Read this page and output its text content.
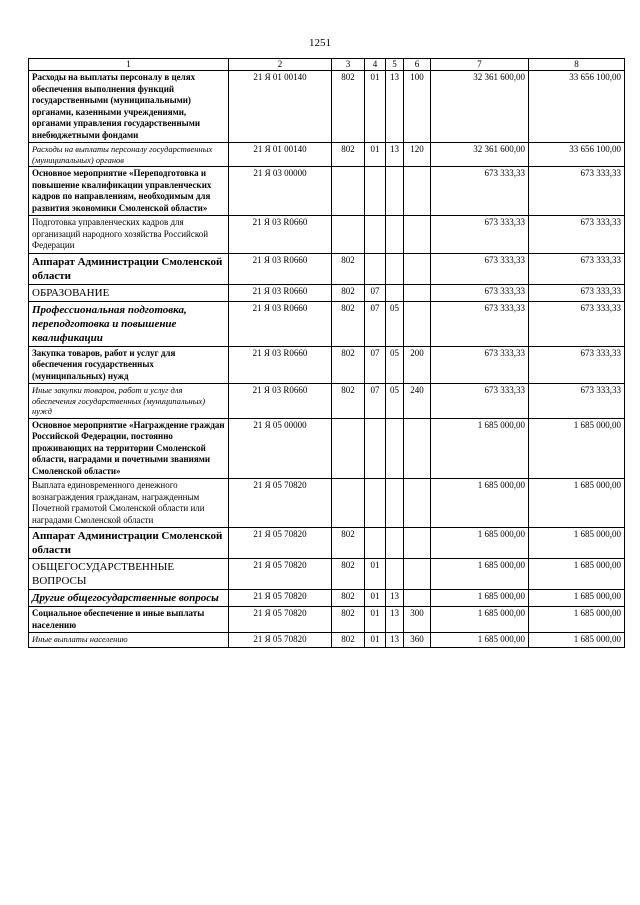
1251
1	2	3	4	5	6	7	8
Расходы на выплаты персоналу в целях обеспечения выполнения функций государственными (муниципальными) органами, казенными учреждениями, органами управления государственными внебюджетными фондами	21 Я 01 00140	802	01	13	100	32 361 600,00	33 656 100,00
Расходы на выплаты персоналу государственных (муниципальных) органов	21 Я 01 00140	802	01	13	120	32 361 600,00	33 656 100,00
Основное мероприятие «Переподготовка и повышение квалификации управленческих кадров по направлениям, необходимым для развития экономики Смоленской области»	21 Я 03 00000					673 333,33	673 333,33
Подготовка управленческих кадров для организаций народного хозяйства Российской Федерации	21 Я 03 R0660					673 333,33	673 333,33
Аппарат Администрации Смоленской области	21 Я 03 R0660	802				673 333,33	673 333,33
ОБРАЗОВАНИЕ	21 Я 03 R0660	802	07			673 333,33	673 333,33
Профессиональная подготовка, переподготовка и повышение квалификации	21 Я 03 R0660	802	07	05		673 333,33	673 333,33
Закупка товаров, работ и услуг для обеспечения государственных (муниципальных) нужд	21 Я 03 R0660	802	07	05	200	673 333,33	673 333,33
Иные закупки товаров, работ и услуг для обеспечения государственных (муниципальных) нужд	21 Я 03 R0660	802	07	05	240	673 333,33	673 333,33
Основное мероприятие «Награждение граждан Российской Федерации, постоянно проживающих на территории Смоленской области, наградами и почетными званиями Смоленской области»	21 Я 05 00000					1 685 000,00	1 685 000,00
Выплата единовременного денежного вознаграждения гражданам, награжденным Почетной грамотой Смоленской области или наградами Смоленской области	21 Я 05 70820					1 685 000,00	1 685 000,00
Аппарат Администрации Смоленской области	21 Я 05 70820	802				1 685 000,00	1 685 000,00
ОБЩЕГОСУДАРСТВЕННЫЕ ВОПРОСЫ	21 Я 05 70820	802	01			1 685 000,00	1 685 000,00
Другие общегосударственные вопросы	21 Я 05 70820	802	01	13		1 685 000,00	1 685 000,00
Социальное обеспечение и иные выплаты населению	21 Я 05 70820	802	01	13	300	1 685 000,00	1 685 000,00
Иные выплаты населению	21 Я 05 70820	802	01	13	360	1 685 000,00	1 685 000,00
